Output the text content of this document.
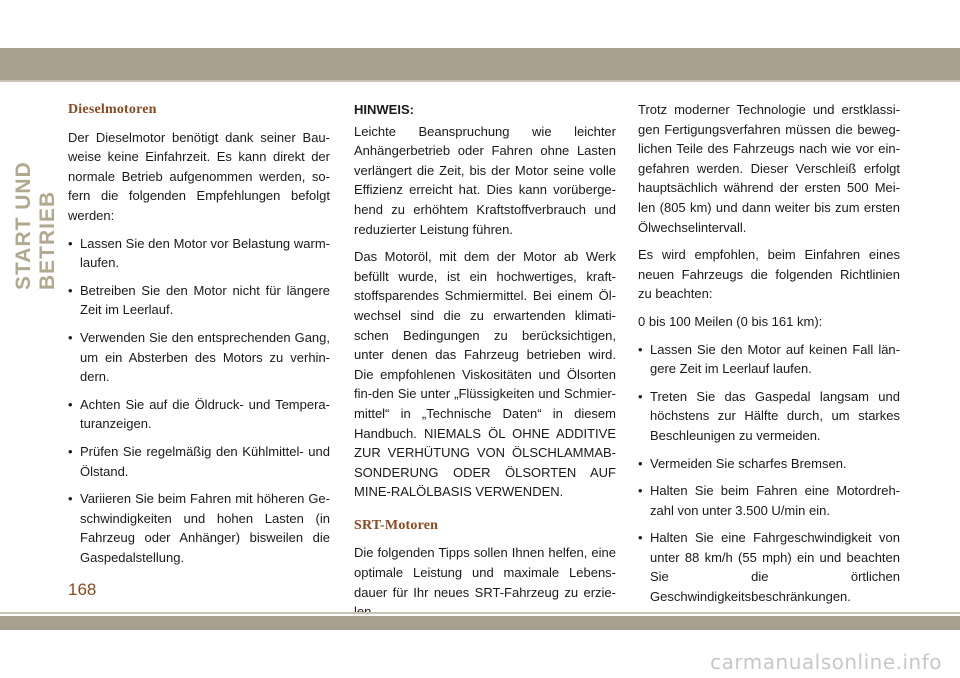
START UND BETRIEB
Dieselmotoren

Der Dieselmotor benötigt dank seiner Bau-weise keine Einfahrzeit. Es kann direkt der normale Betrieb aufgenommen werden, so-fern die folgenden Empfehlungen befolgt werden:

• Lassen Sie den Motor vor Belastung warm-laufen.
• Betreiben Sie den Motor nicht für längere Zeit im Leerlauf.
• Verwenden Sie den entsprechenden Gang, um ein Absterben des Motors zu verhin-dern.
• Achten Sie auf die Öldruck- und Tempera-turanzeigen.
• Prüfen Sie regelmäßig den Kühlmittel- und Ölstand.
• Variieren Sie beim Fahren mit höheren Ge-schwindigkeiten und hohen Lasten (in Fahrzeug oder Anhänger) bisweilen die Gaspedalstellung.
HINWEIS:

Leichte Beanspruchung wie leichter Anhängerbetrieb oder Fahren ohne Lasten verlängert die Zeit, bis der Motor seine volle Effizienz erreicht hat. Dies kann vorüberge-hend zu erhöhtem Kraftstoffverbrauch und reduzierter Leistung führen.

Das Motoröl, mit dem der Motor ab Werk befüllt wurde, ist ein hochwertiges, kraft-stoffsparendes Schmiermittel. Bei einem Öl-wechsel sind die zu erwartenden klimati-schen Bedingungen zu berücksichtigen, unter denen das Fahrzeug betrieben wird. Die empfohlenen Viskositäten und Ölsorten fin-den Sie unter „Flüssigkeiten und Schmier-mittel“ in „Technische Daten“ in diesem Handbuch. NIEMALS ÖL OHNE ADDITIVE ZUR VERHÜTUNG VON ÖLSCHLAMMAB-SONDERUNG ODER ÖLSORTEN AUF MINE-RALÖLBASIS VERWENDEN.

SRT-Motoren

Die folgenden Tipps sollen Ihnen helfen, eine optimale Leistung und maximale Lebens-dauer für Ihr neues SRT-Fahrzeug zu erzie-

Trotz moderner Technologie und erstklassi-gen Fertigungsverfahren müssen die beweg-lichen Teile des Fahrzeugs nach wie vor ein-gefahren werden. Dieser Verschleiß erfolgt hauptsächlich während der ersten 500 Mei-len (805 km) und dann weiter bis zum ersten Ölwechselintervall.

Es wird empfohlen, beim Einfahren eines neuen Fahrzeugs die folgenden Richtlinien zu beachten:

0 bis 100 Meilen (0 bis 161 km):

• Lassen Sie den Motor auf keinen Fall län-gere Zeit im Leerlauf laufen.
• Treten Sie das Gaspedal langsam und höchstens zur Hälfte durch, um starkes Beschleunigen zu vermeiden.
• Vermeiden Sie scharfes Bremsen.
• Halten Sie beim Fahren eine Motordreh-zahl von unter 3.500 U/min ein.
• Halten Sie eine Fahrgeschwindigkeit von unter 88 km/h (55 mph) ein und beachten Sie die örtlichen Geschwindigkeitsbeschränkungen.
168
carmanualsonline.info
